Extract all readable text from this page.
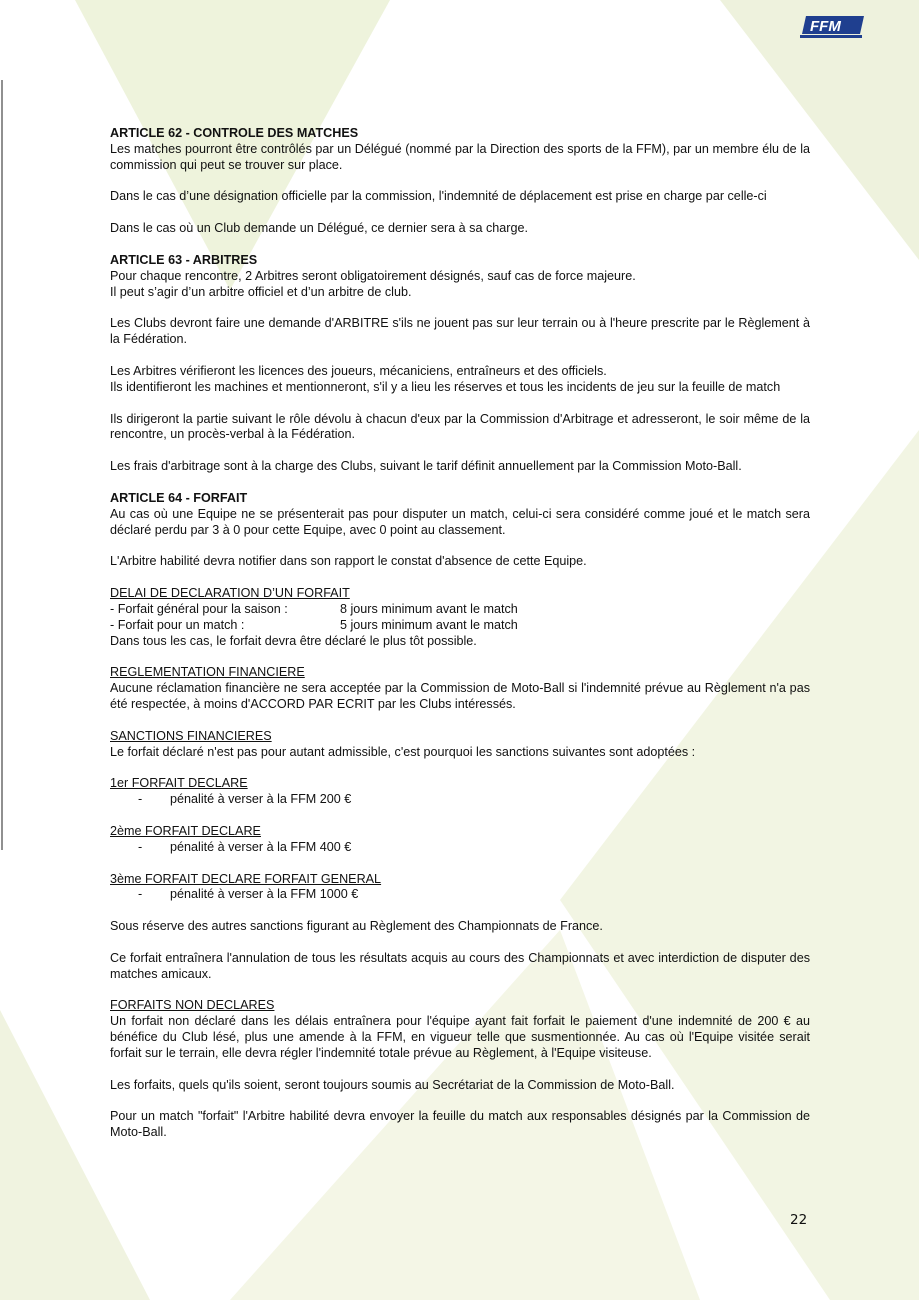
FFM

ARTICLE 62 - CONTROLE DES MATCHES

Les matches pourront être contrôlés par un Délégué (nommé par la Direction des sports de la FFM), par un membre élu de la commission qui peut se trouver sur place.

Dans le cas d’une désignation officielle par la commission, l'indemnité de déplacement est prise en charge par celle-ci

Dans le cas où un Club demande un Délégué, ce dernier sera à sa charge.

ARTICLE 63 - ARBITRES

Pour chaque rencontre, 2 Arbitres seront obligatoirement désignés, sauf cas de force majeure.

Il peut s’agir d’un arbitre officiel et d’un arbitre de club.

Les Clubs devront faire une demande d'ARBITRE s'ils ne jouent pas sur leur terrain ou à l'heure prescrite par le Règlement à la Fédération.

Les Arbitres vérifieront les licences des joueurs, mécaniciens, entraîneurs et des officiels.

Ils identifieront les machines et mentionneront, s'il y a lieu les réserves et tous les incidents de jeu sur la feuille de match

Ils dirigeront la partie suivant le rôle dévolu à chacun d'eux par la Commission d'Arbitrage et adresseront, le soir même de la rencontre, un procès-verbal à la Fédération.

Les frais d'arbitrage sont à la charge des Clubs, suivant le tarif définit annuellement par la Commission Moto-Ball.

ARTICLE 64 - FORFAIT

Au cas où une Equipe ne se présenterait pas pour disputer un match, celui-ci sera considéré comme joué et le match sera déclaré perdu par 3 à 0 pour cette Equipe, avec 0 point au classement.

L'Arbitre habilité devra notifier dans son rapport le constat d'absence de cette Equipe.

DELAI DE DECLARATION D’UN FORFAIT

- Forfait général pour la saison :	8 jours minimum avant le match
- Forfait pour un match :	5 jours minimum avant le match

Dans tous les cas, le forfait devra être déclaré le plus tôt possible.

REGLEMENTATION FINANCIERE

Aucune réclamation financière ne sera acceptée par la Commission de Moto-Ball si l'indemnité prévue au Règlement n'a pas été respectée, à moins d'ACCORD PAR ECRIT par les Clubs intéressés.

SANCTIONS FINANCIERES

Le forfait déclaré n'est pas pour autant admissible, c'est pourquoi les sanctions suivantes sont adoptées :

1er FORFAIT DECLARE

-	pénalité à verser à la FFM 200 €

2ème FORFAIT DECLARE

-	pénalité à verser à la FFM 400 €

3ème FORFAIT DECLARE FORFAIT GENERAL

-	pénalité à verser à la FFM 1000 €

Sous réserve des autres sanctions figurant au Règlement des Championnats de France.

Ce forfait entraînera l'annulation de tous les résultats acquis au cours des Championnats et avec interdiction de disputer des matches amicaux.

FORFAITS NON DECLARES

Un forfait non déclaré dans les délais entraînera pour l'équipe ayant fait forfait le paiement d'une indemnité de 200 € au bénéfice du Club lésé, plus une amende à la FFM, en vigueur telle que susmentionnée. Au cas où l'Equipe visitée serait forfait sur le terrain, elle devra régler l'indemnité totale prévue au Règlement, à l'Equipe visiteuse.

Les forfaits, quels qu'ils soient, seront toujours soumis au Secrétariat de la Commission de Moto-Ball.

Pour un match "forfait" l'Arbitre habilité devra envoyer la feuille du match aux responsables désignés par la Commission de Moto-Ball.

22
